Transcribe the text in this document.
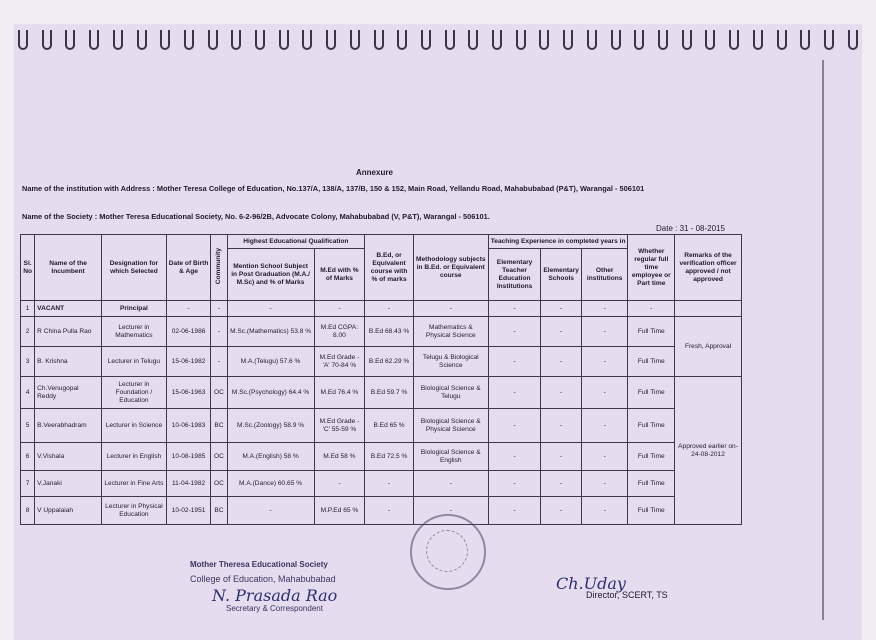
Annexure
Name of the institution with Address : Mother Teresa College of Education, No.137/A, 138/A, 137/B, 150 & 152, Main Road, Yellandu Road, Mahabubabad (P&T), Warangal - 506101
Name of the Society : Mother Teresa Educational Society, No. 6-2-96/2B, Advocate Colony, Mahabubabad (V, P&T), Warangal - 506101.
Date : 31 - 08-2015
Sl. No	Name of the Incumbent	Designation for which Selected	Date of Birth & Age	Community	Highest Educational Qualification		B.Ed, or Equivalent course with % of marks	Methodology subjects in B.Ed. or Equivalent course	Teaching Experience in completed years in			Whether regular full time employee or Part time	Remarks of the verification officer approved / not approved
					Mention School Subject in Post Graduation (M.A./ M.Sc) and % of Marks	M.Ed with % of Marks			Elementary Teacher Education Institutions	Elementary Schools	Other institutions		
1	VACANT	Principal	-	-	-	-	-	-	-	-	-	-	
2	R China Pulla Rao	Lecturer in Mathematics	02-06-1986	-	M.Sc.(Mathematics) 53.8 %	M.Ed CGPA: 8.00	B.Ed 68.43 %	Mathematics & Physical Science	-	-	-	Full Time	Fresh, Approval
3	B. Krishna	Lecturer in Telugu	15-06-1982	-	M.A.(Telugu) 57.6 %	M.Ed Grade - 'A' 70-84 %	B.Ed 62.29 %	Telugu & Biological Science	-	-	-	Full Time	
4	Ch.Venugopal Reddy	Lecturer in Foundation / Education	15-06-1963	OC	M.Sc.(Psychology) 64.4 %	M.Ed 76.4 %	B.Ed 59.7 %	Biological Science & Telugu	-	-	-	Full Time	Approved earlier on- 24-08-2012
5	B.Veerabhadram	Lecturer in Science	10-06-1983	BC	M.Sc.(Zoology) 58.9 %	M.Ed Grade -'C' 55-59 %	B.Ed 65 %	Biological Science & Physical Science	-	-	-	Full Time	
6	V.Vishala	Lecturer in English	10-08-1985	OC	M.A.(English) 58 %	M.Ed 58 %	B.Ed 72.5 %	Biological Science & English	-	-	-	Full Time	
7	V.Janaki	Lecturer in Fine Arts	11-04-1982	OC	M.A.(Dance) 60.65 %	-	-	-	-	-	-	Full Time	
8	V Uppalaiah	Lecturer in Physical Education	10-02-1951	BC	-	M.P.Ed 65 %	-	-	-	-	-	Full Time	
Mother Theresa Educational Society
College of Education, Mahabubabad
N. Prasada Rao
Secretary & Correspondent
Ch.Uday
Director, SCERT, TS
